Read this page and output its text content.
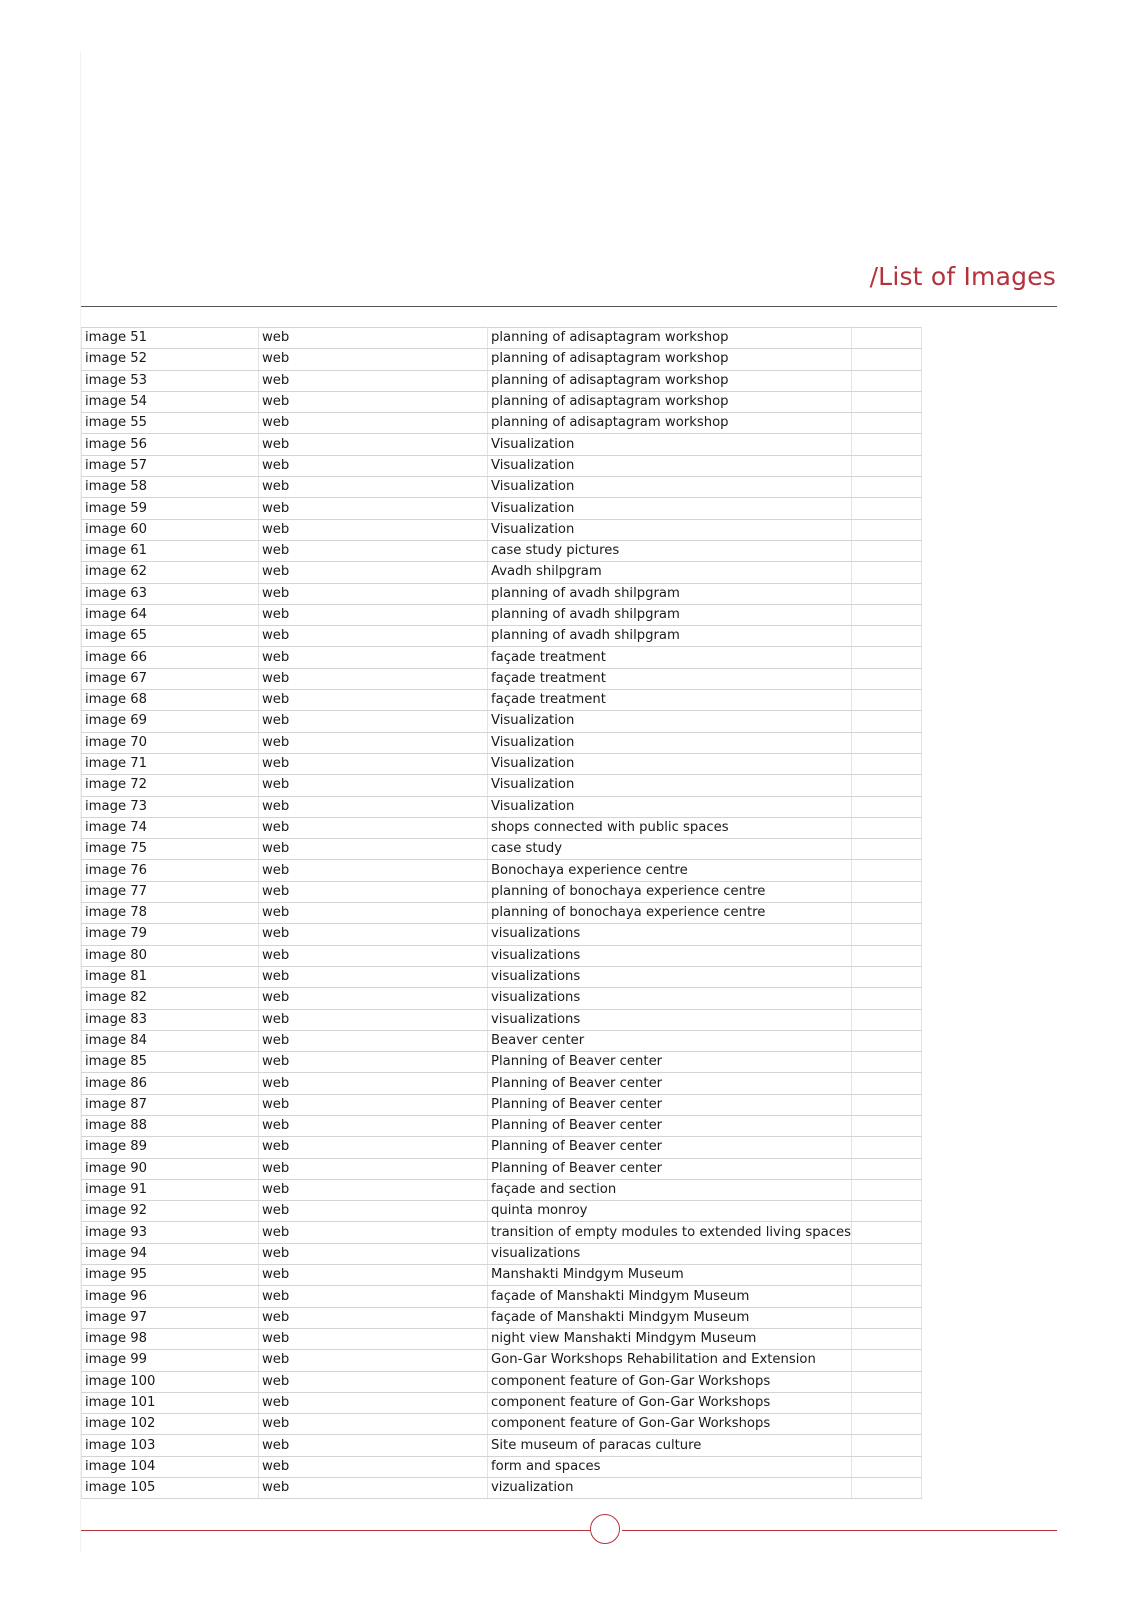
/List of Images
image 51	web	planning of adisaptagram workshop	
image 52	web	planning of adisaptagram workshop	
image 53	web	planning of adisaptagram workshop	
image 54	web	planning of adisaptagram workshop	
image 55	web	planning of adisaptagram workshop	
image 56	web	Visualization	
image 57	web	Visualization	
image 58	web	Visualization	
image 59	web	Visualization	
image 60	web	Visualization	
image 61	web	case study pictures	
image 62	web	Avadh shilpgram	
image 63	web	planning of avadh shilpgram	
image 64	web	planning of avadh shilpgram	
image 65	web	planning of avadh shilpgram	
image 66	web	façade treatment	
image 67	web	façade treatment	
image 68	web	façade treatment	
image 69	web	Visualization	
image 70	web	Visualization	
image 71	web	Visualization	
image 72	web	Visualization	
image 73	web	Visualization	
image 74	web	shops connected with public spaces	
image 75	web	case study	
image 76	web	Bonochaya experience centre	
image 77	web	planning of bonochaya experience centre	
image 78	web	planning of bonochaya experience centre	
image 79	web	visualizations	
image 80	web	visualizations	
image 81	web	visualizations	
image 82	web	visualizations	
image 83	web	visualizations	
image 84	web	Beaver center	
image 85	web	Planning of Beaver center	
image 86	web	Planning of Beaver center	
image 87	web	Planning of Beaver center	
image 88	web	Planning of Beaver center	
image 89	web	Planning of Beaver center	
image 90	web	Planning of Beaver center	
image 91	web	façade and section	
image 92	web	quinta monroy	
image 93	web	transition of empty modules to extended living spaces	
image 94	web	visualizations	
image 95	web	Manshakti Mindgym Museum	
image 96	web	façade of Manshakti Mindgym Museum	
image 97	web	façade of Manshakti Mindgym Museum	
image 98	web	night view Manshakti Mindgym Museum	
image 99	web	Gon-Gar Workshops Rehabilitation and Extension	
image 100	web	component feature of Gon-Gar Workshops	
image 101	web	component feature of Gon-Gar Workshops	
image 102	web	component feature of Gon-Gar Workshops	
image 103	web	Site museum of paracas culture	
image 104	web	form and spaces	
image 105	web	vizualization	
